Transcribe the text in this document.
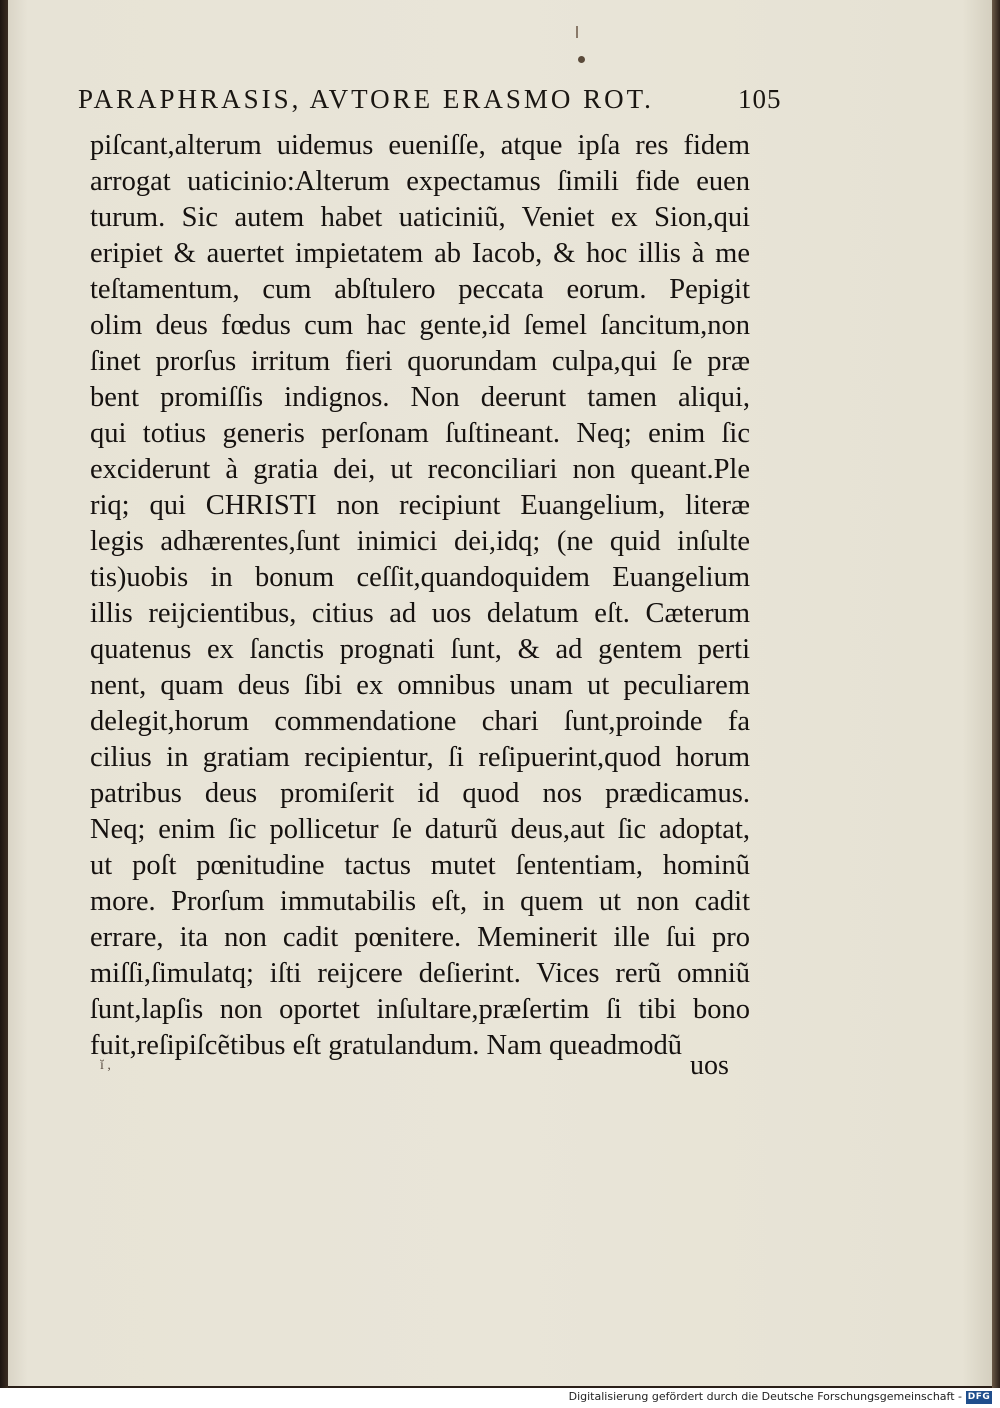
PARAPHRASIS, AVTORE ERASMO ROT.	105
piſcant,alterum uidemus eueniſſe, atque ipſa res fidem
arrogat uaticinio:Alterum expectamus ſimili fide euen
turum. Sic autem habet uaticiniũ, Veniet ex Sion,qui
eripiet & auertet impietatem ab Iacob, & hoc illis à me
teſtamentum, cum abſtulero peccata eorum. Pepigit
olim deus fœdus cum hac gente,id ſemel ſancitum,non
ſinet prorſus irritum fieri quorundam culpa,qui ſe præ
bent promiſſis indignos. Non deerunt tamen aliqui,
qui totius generis perſonam ſuſtineant. Neq; enim ſic
exciderunt à gratia dei, ut reconciliari non queant.Ple
riq; qui CHRISTI non recipiunt Euangelium, literæ
legis adhærentes,ſunt inimici dei,idq; (ne quid inſulte
tis)uobis in bonum ceſſit,quandoquidem Euangelium
illis reijcientibus, citius ad uos delatum eſt. Cæterum
quatenus ex ſanctis prognati ſunt, & ad gentem perti
nent, quam deus ſibi ex omnibus unam ut peculiarem
delegit,horum commendatione chari ſunt,proinde fa
cilius in gratiam recipientur, ſi reſipuerint,quod horum
patribus deus promiſerit id quod nos prædicamus.
Neq; enim ſic pollicetur ſe daturũ deus,aut ſic adoptat,
ut poſt pœnitudine tactus mutet ſententiam, hominũ
more. Prorſum immutabilis eſt, in quem ut non cadit
errare, ita non cadit pœnitere. Meminerit ille ſui pro
miſſi,ſimulatq; iſti reijcere deſierint. Vices rerũ omniũ
ſunt,lapſis non oportet inſultare,præſertim ſi tibi bono
fuit,reſipiſcẽtibus eſt gratulandum. Nam queadmodũ
ĭ ,	uos
Digitalisierung gefördert durch die Deutsche Forschungsgemeinschaft - DFG
